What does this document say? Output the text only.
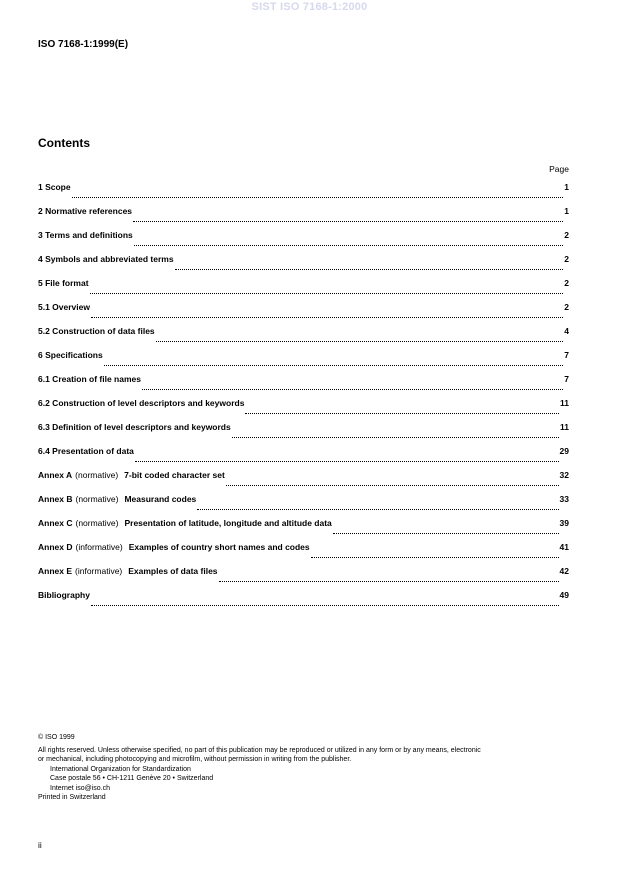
SIST ISO 7168-1:2000
ISO 7168-1:1999(E)
Contents
Page
1 Scope	1
2 Normative references	1
3 Terms and definitions	2
4 Symbols and abbreviated terms	2
5 File format	2
5.1 Overview	2
5.2 Construction of data files	4
6 Specifications	7
6.1 Creation of file names	7
6.2 Construction of level descriptors and keywords	11
6.3 Definition of level descriptors and keywords	11
6.4 Presentation of data	29
Annex A (normative) 7-bit coded character set	32
Annex B (normative) Measurand codes	33
Annex C (normative) Presentation of latitude, longitude and altitude data	39
Annex D (informative) Examples of country short names and codes	41
Annex E (informative) Examples of data files	42
Bibliography	49
© ISO 1999
All rights reserved. Unless otherwise specified, no part of this publication may be reproduced or utilized in any form or by any means, electronic
or mechanical, including photocopying and microfilm, without permission in writing from the publisher.
International Organization for Standardization
Case postale 56 • CH-1211 Genève 20 • Switzerland
Internet iso@iso.ch
Printed in Switzerland
ii
